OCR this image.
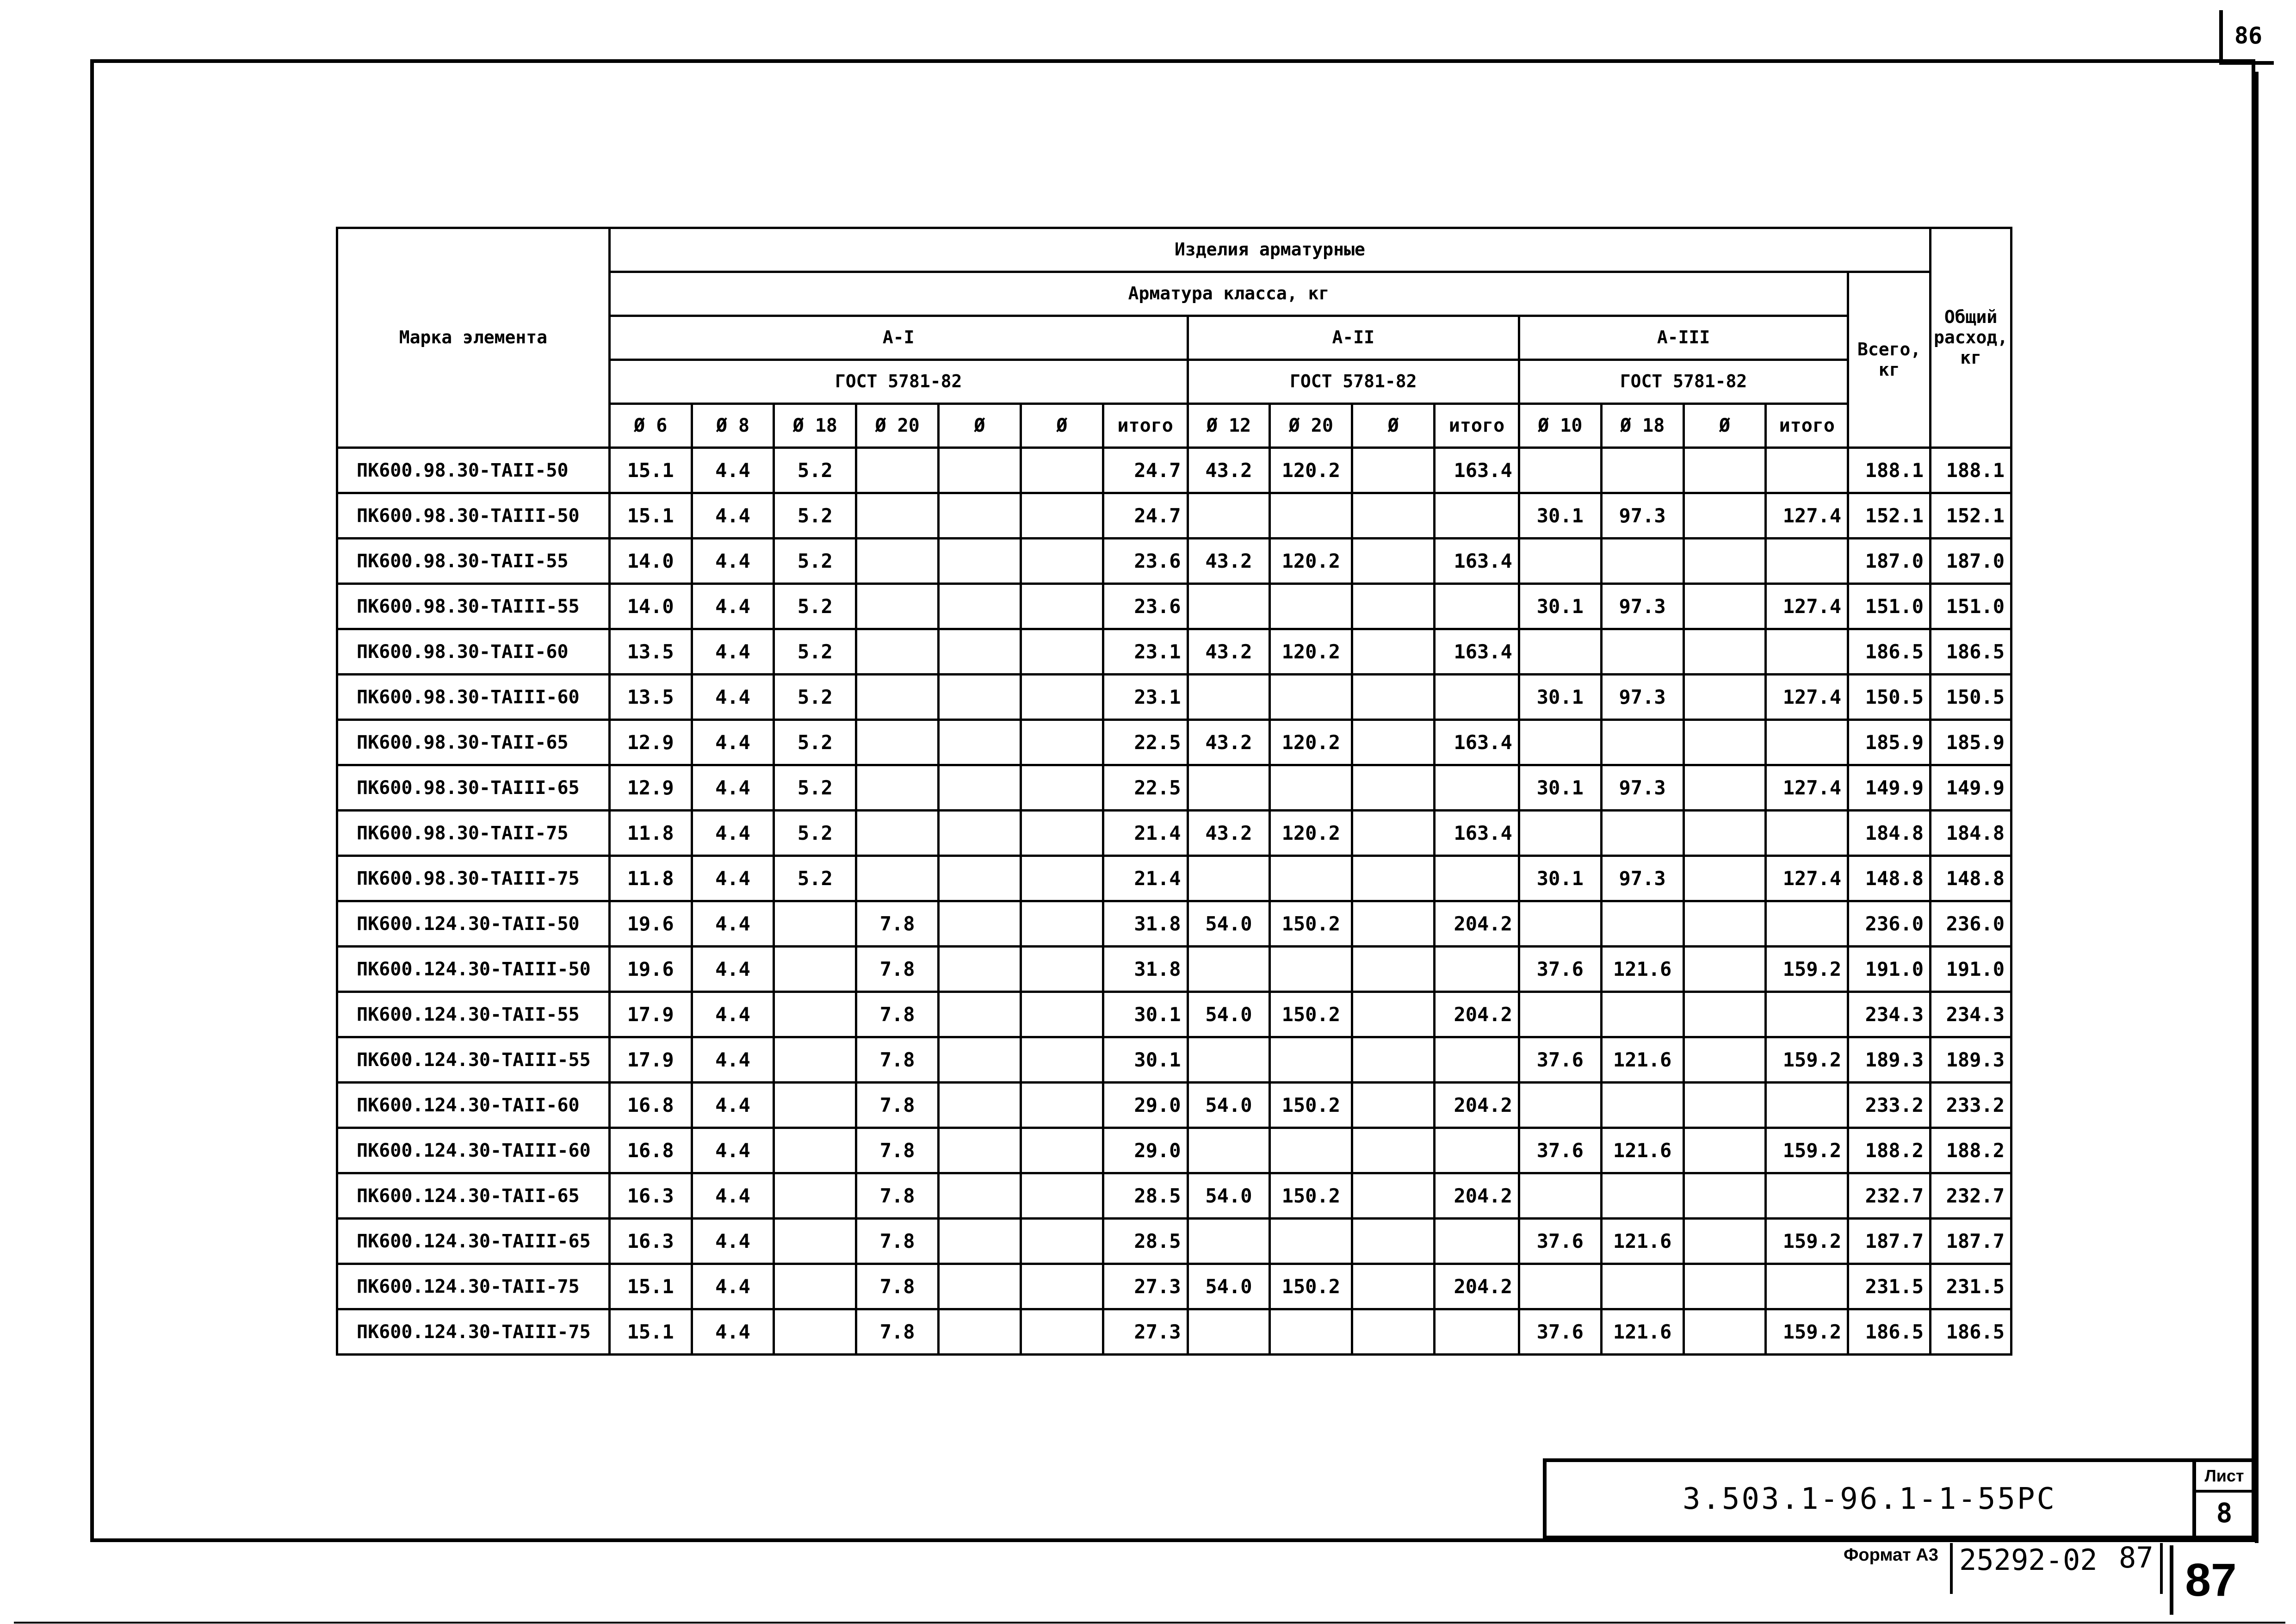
86
Марка элемента	Изделия арматурные																Общий расход, кг
	Арматура класса, кг															Всего, кг	
	A-I							A-II				A-III					
	ГОСТ 5781-82							ГОСТ 5781-82				ГОСТ 5781-82					
	Ø 6	Ø 8	Ø 18	Ø 20	Ø	Ø	итого	Ø 12	Ø 20	Ø	итого	Ø 10	Ø 18	Ø	итого		
ПК600.98.30-ТАII-50	15.1	4.4	5.2				24.7	43.2	120.2		163.4					188.1	188.1
ПК600.98.30-ТАIII-50	15.1	4.4	5.2				24.7					30.1	97.3		127.4	152.1	152.1
ПК600.98.30-ТАII-55	14.0	4.4	5.2				23.6	43.2	120.2		163.4					187.0	187.0
ПК600.98.30-ТАIII-55	14.0	4.4	5.2				23.6					30.1	97.3		127.4	151.0	151.0
ПК600.98.30-ТАII-60	13.5	4.4	5.2				23.1	43.2	120.2		163.4					186.5	186.5
ПК600.98.30-ТАIII-60	13.5	4.4	5.2				23.1					30.1	97.3		127.4	150.5	150.5
ПК600.98.30-ТАII-65	12.9	4.4	5.2				22.5	43.2	120.2		163.4					185.9	185.9
ПК600.98.30-ТАIII-65	12.9	4.4	5.2				22.5					30.1	97.3		127.4	149.9	149.9
ПК600.98.30-ТАII-75	11.8	4.4	5.2				21.4	43.2	120.2		163.4					184.8	184.8
ПК600.98.30-ТАIII-75	11.8	4.4	5.2				21.4					30.1	97.3		127.4	148.8	148.8
ПК600.124.30-ТАII-50	19.6	4.4		7.8			31.8	54.0	150.2		204.2					236.0	236.0
ПК600.124.30-ТАIII-50	19.6	4.4		7.8			31.8					37.6	121.6		159.2	191.0	191.0
ПК600.124.30-ТАII-55	17.9	4.4		7.8			30.1	54.0	150.2		204.2					234.3	234.3
ПК600.124.30-ТАIII-55	17.9	4.4		7.8			30.1					37.6	121.6		159.2	189.3	189.3
ПК600.124.30-ТАII-60	16.8	4.4		7.8			29.0	54.0	150.2		204.2					233.2	233.2
ПК600.124.30-ТАIII-60	16.8	4.4		7.8			29.0					37.6	121.6		159.2	188.2	188.2
ПК600.124.30-ТАII-65	16.3	4.4		7.8			28.5	54.0	150.2		204.2					232.7	232.7
ПК600.124.30-ТАIII-65	16.3	4.4		7.8			28.5					37.6	121.6		159.2	187.7	187.7
ПК600.124.30-ТАII-75	15.1	4.4		7.8			27.3	54.0	150.2		204.2					231.5	231.5
ПК600.124.30-ТАIII-75	15.1	4.4		7.8			27.3					37.6	121.6		159.2	186.5	186.5
3.503.1-96.1-1-55РС
Лист
8
Формат А3 25292-02 87 87
